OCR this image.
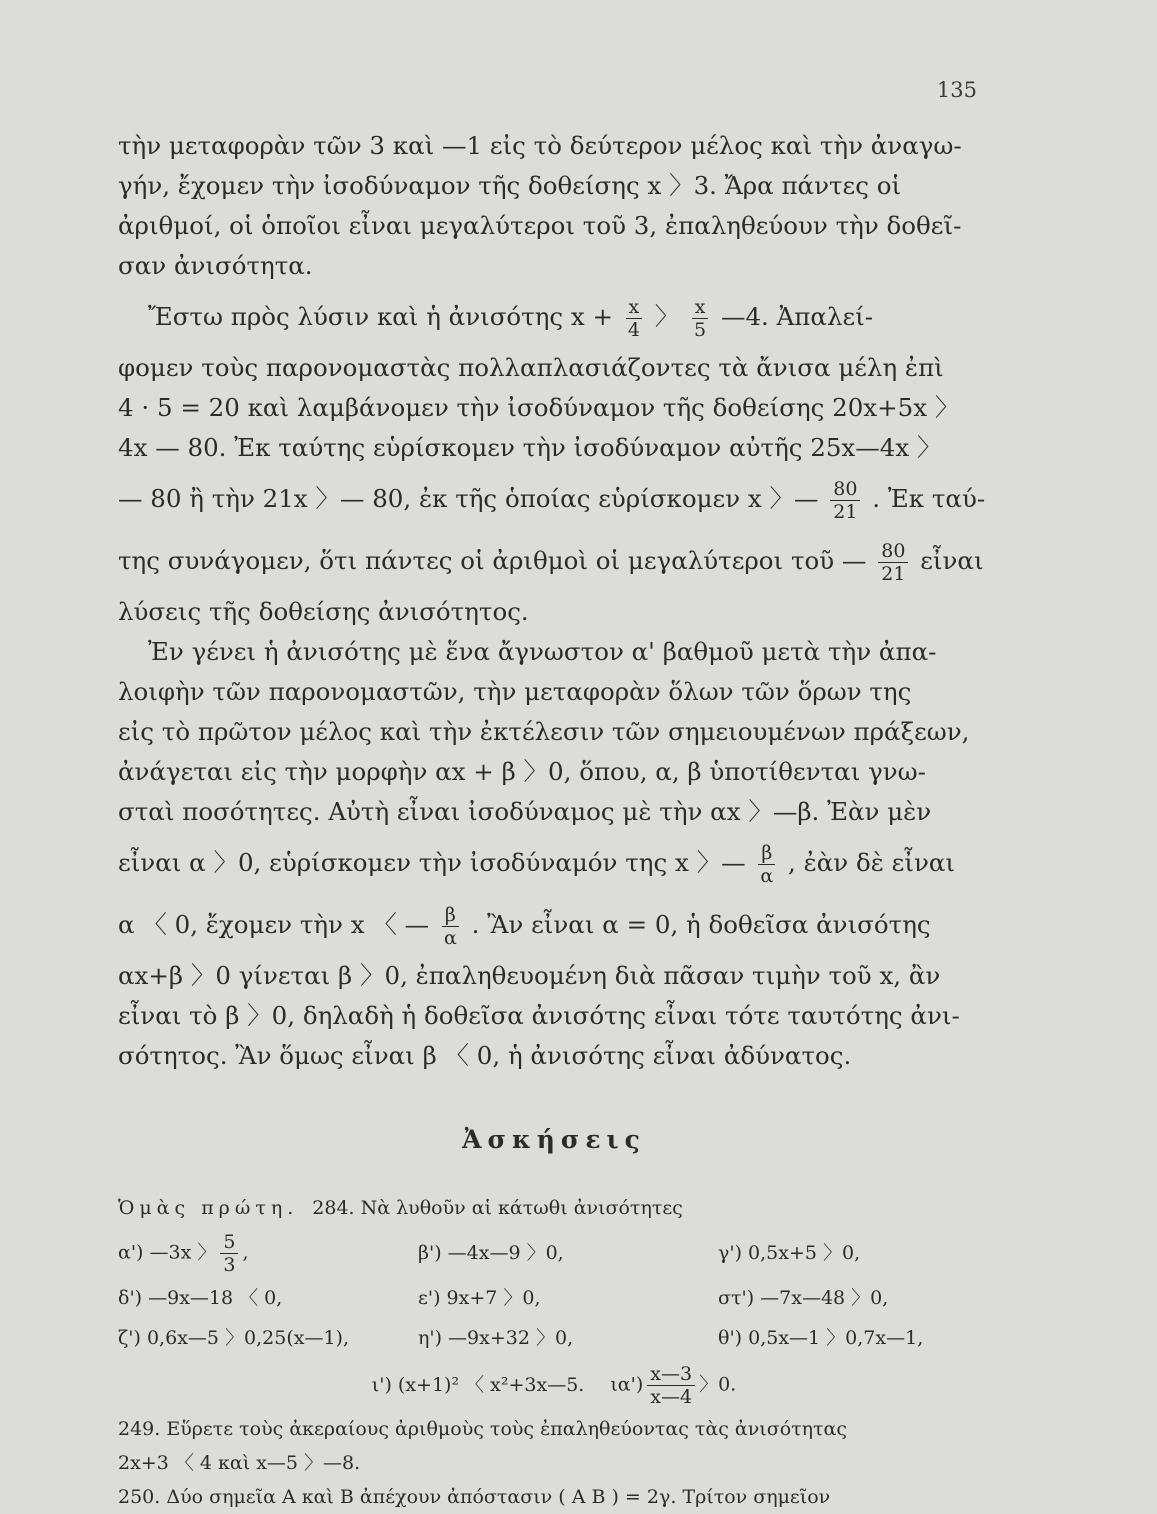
135
τὴν μεταφορὰν τῶν 3 καὶ —1 εἰς τὸ δεύτερον μέλος καὶ τὴν ἀναγω-
γήν, ἔχομεν τὴν ἰσοδύναμον τῆς δοθείσης x 〉3. Ἄρα πάντες οἱ
ἀριθμοί, οἱ ὁποῖοι εἶναι μεγαλύτεροι τοῦ 3, ἐπαληθεύουν τὴν δοθεῖ-
σαν ἀνισότητα.
Ἔστω πρὸς λύσιν καὶ ἡ ἀνισότης $x + \frac{x}{4}$ 〉 $\frac{x}{5}$ —4. Ἀπαλεί-
φομεν τοὺς παρονομαστὰς πολλαπλασιάζοντες τὰ ἄνισα μέλη ἐπὶ
4 · 5 = 20 καὶ λαμβάνομεν τὴν ἰσοδύναμον τῆς δοθείσης 20x+5x 〉
4x — 80. Ἐκ ταύτης εὑρίσκομεν τὴν ἰσοδύναμον αὐτῆς 25x—4x 〉
— 80 ἢ τὴν 21x 〉— 80, ἐκ τῆς ὁποίας εὑρίσκομεν x 〉— $\frac{80}{21}$ . Ἐκ ταύ-
της συνάγομεν, ὅτι πάντες οἱ ἀριθμοὶ οἱ μεγαλύτεροι τοῦ — $\frac{80}{21}$ εἶναι
λύσεις τῆς δοθείσης ἀνισότητος.
Ἐν γένει ἡ ἀνισότης μὲ ἕνα ἄγνωστον α' βαθμοῦ μετὰ τὴν ἀπα-
λοιφὴν τῶν παρονομαστῶν, τὴν μεταφορὰν ὅλων τῶν ὅρων της
εἰς τὸ πρῶτον μέλος καὶ τὴν ἐκτέλεσιν τῶν σημειουμένων πράξεων,
ἀνάγεται εἰς τὴν μορφὴν αx + β 〉0, ὅπου, α, β ὑποτίθενται γνω-
σταὶ ποσότητες. Αὐτὴ εἶναι ἰσοδύναμος μὲ τὴν αx 〉—β. Ἐὰν μὲν
εἶναι α 〉0, εὑρίσκομεν τὴν ἰσοδύναμόν της x 〉— $\frac{\beta}{\alpha}$ , ἐὰν δὲ εἶναι
α 〈 0, ἔχομεν τὴν x 〈 — $\frac{\beta}{\alpha}$ . Ἂν εἶναι α = 0, ἡ δοθεῖσα ἀνισότης
αx+β 〉0 γίνεται β 〉0, ἐπαληθευομένη διὰ πᾶσαν τιμὴν τοῦ x, ἂν
εἶναι τὸ β 〉0, δηλαδὴ ἡ δοθεῖσα ἀνισότης εἶναι τότε ταυτότης ἀνι-
σότητος. Ἂν ὅμως εἶναι β 〈 0, ἡ ἀνισότης εἶναι ἀδύνατος.
Ἀσκήσεις
Ὁμὰς πρώτη. 284. Νὰ λυθοῦν αἱ κάτωθι ἀνισότητες
α') —3x 〉 $\frac{5}{3}$ ,	β') —4x—9 〉0,	γ') 0,5x+5 〉0,
δ') —9x—18 〈 0,	ε') 9x+7 〉0,	στ') —7x—48 〉0,
ζ') 0,6x—5 〉0,25(x—1),	η') —9x+32 〉0,	θ') 0,5x—1 〉0,7x—1,
ι') (x+1)² 〈 x²+3x—5. $\iota\alpha') \frac{x—3}{x—4}$ 〉0.
249. Εὕρετε τοὺς ἀκεραίους ἀριθμοὺς τοὺς ἐπαληθεύοντας τὰς ἀνισότητας
2x+3 〈 4 καὶ x—5 〉—8.
250. Δύο σημεῖα Α καὶ Β ἀπέχουν ἀπόστασιν ( Α Β ) = 2γ. Τρίτον σημεῖον
